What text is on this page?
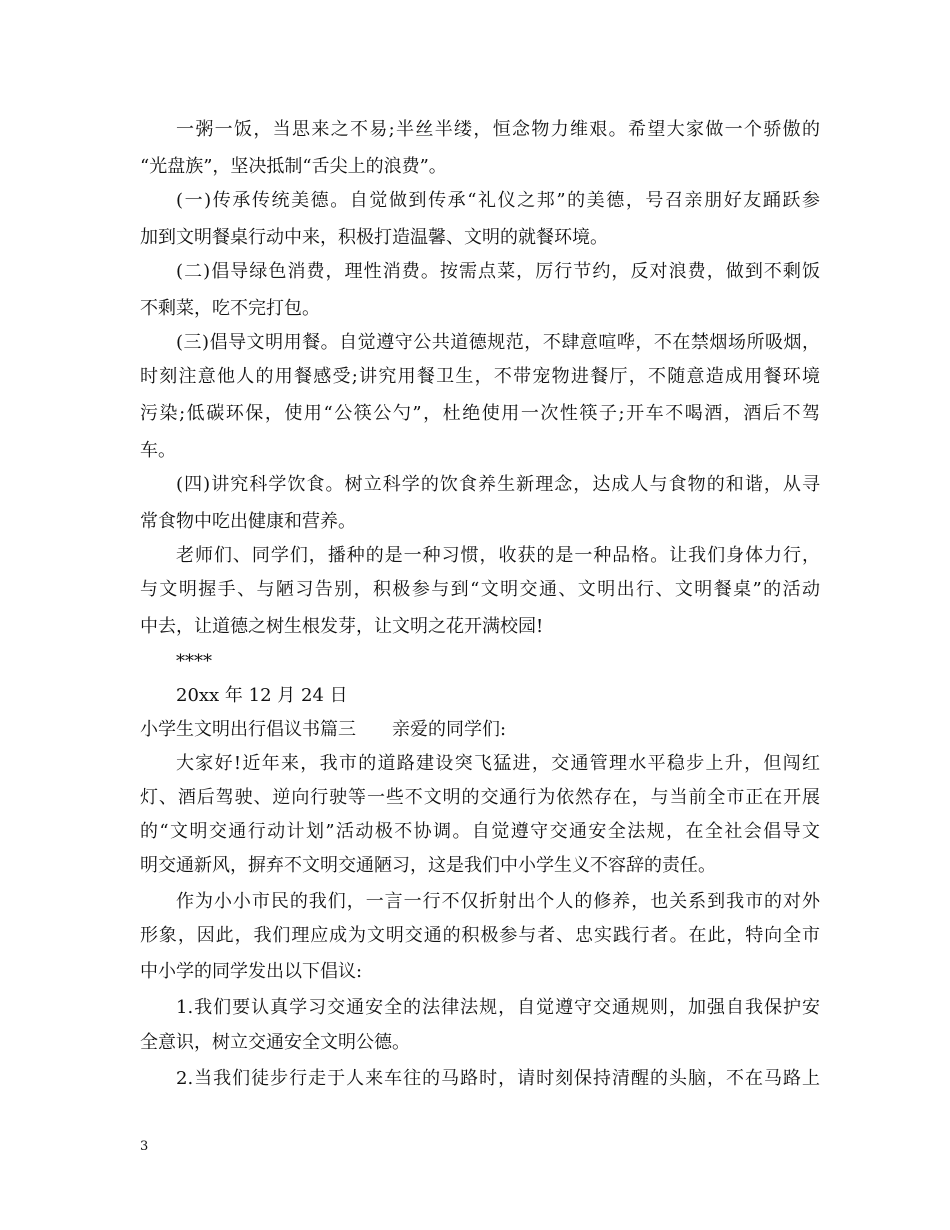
一粥一饭，当思来之不易;半丝半缕，恒念物力维艰。希望大家做一个骄傲的
“光盘族”，坚决抵制“舌尖上的浪费”。
(一)传承传统美德。自觉做到传承“礼仪之邦”的美德，号召亲朋好友踊跃参
加到文明餐桌行动中来，积极打造温馨、文明的就餐环境。
(二)倡导绿色消费，理性消费。按需点菜，厉行节约，反对浪费，做到不剩饭
不剩菜，吃不完打包。
(三)倡导文明用餐。自觉遵守公共道德规范，不肆意喧哗，不在禁烟场所吸烟，
时刻注意他人的用餐感受;讲究用餐卫生，不带宠物进餐厅，不随意造成用餐环境
污染;低碳环保，使用“公筷公勺”，杜绝使用一次性筷子;开车不喝酒，酒后不驾
车。
(四)讲究科学饮食。树立科学的饮食养生新理念，达成人与食物的和谐，从寻
常食物中吃出健康和营养。
老师们、同学们，播种的是一种习惯，收获的是一种品格。让我们身体力行，
与文明握手、与陋习告别，积极参与到“文明交通、文明出行、文明餐桌”的活动
中去，让道德之树生根发芽，让文明之花开满校园!
****
20xx 年 12 月 24 日
小学生文明出行倡议书篇三　　亲爱的同学们:
大家好!近年来，我市的道路建设突飞猛进，交通管理水平稳步上升，但闯红
灯、酒后驾驶、逆向行驶等一些不文明的交通行为依然存在，与当前全市正在开展
的“文明交通行动计划”活动极不协调。自觉遵守交通安全法规，在全社会倡导文
明交通新风，摒弃不文明交通陋习，这是我们中小学生义不容辞的责任。
作为小小市民的我们，一言一行不仅折射出个人的修养，也关系到我市的对外
形象，因此，我们理应成为文明交通的积极参与者、忠实践行者。在此，特向全市
中小学的同学发出以下倡议:
1.我们要认真学习交通安全的法律法规，自觉遵守交通规则，加强自我保护安
全意识，树立交通安全文明公德。
2.当我们徒步行走于人来车往的马路时，请时刻保持清醒的头脑，不在马路上
3
